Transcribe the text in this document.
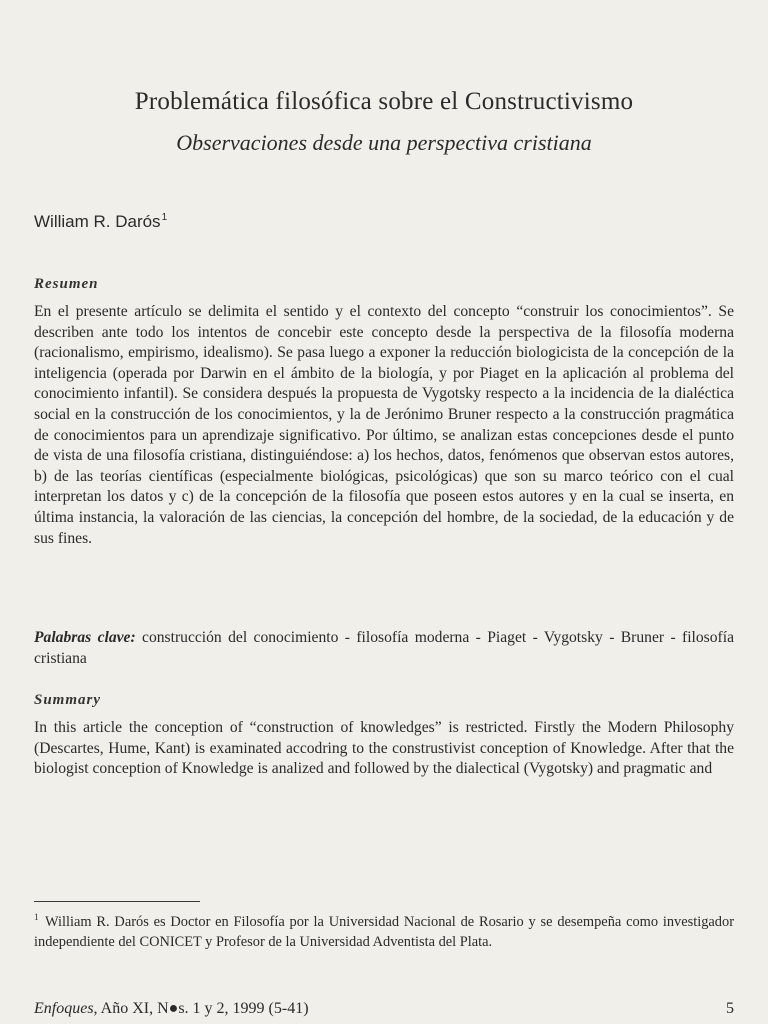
Problemática filosófica sobre el Constructivismo
Observaciones desde una perspectiva cristiana
William R. Darós$^1$
Resumen
En el presente artículo se delimita el sentido y el contexto del concepto “construir los conocimientos”. Se describen ante todo los intentos de concebir este concepto desde la perspectiva de la filosofía moderna (racionalismo, empirismo, idealismo). Se pasa luego a exponer la reducción biologicista de la concepción de la inteligencia (operada por Darwin en el ámbito de la biología, y por Piaget en la aplicación al problema del conocimiento infantil). Se considera después la propuesta de Vygotsky respecto a la incidencia de la dialéctica social en la construcción de los conocimientos, y la de Jerónimo Bruner respecto a la construcción pragmática de conocimientos para un aprendizaje significativo. Por último, se analizan estas concepciones desde el punto de vista de una filosofía cristiana, distinguiéndose: a) los hechos, datos, fenómenos que observan estos autores, b) de las teorías científicas (especialmente biológicas, psicológicas) que son su marco teórico con el cual interpretan los datos y c) de la concepción de la filosofía que poseen estos autores y en la cual se inserta, en última instancia, la valoración de las ciencias, la concepción del hombre, de la sociedad, de la educación y de sus fines.
Palabras clave: construcción del conocimiento - filosofía moderna - Piaget - Vygotsky - Bruner - filosofía cristiana
Summary
In this article the conception of “construction of knowledges” is restricted. Firstly the Modern Philosophy (Descartes, Hume, Kant) is examinated accodring to the construstivist conception of Knowledge. After that the biologist conception of Knowledge is analized and followed by the dialectical (Vygotsky) and pragmatic and
$^1$ William R. Darós es Doctor en Filosofía por la Universidad Nacional de Rosario y se desempeña como investigador independiente del CONICET y Profesor de la Universidad Adventista del Plata.
Enfoques, Año XI, N●s. 1 y 2, 1999 (5-41)	5
